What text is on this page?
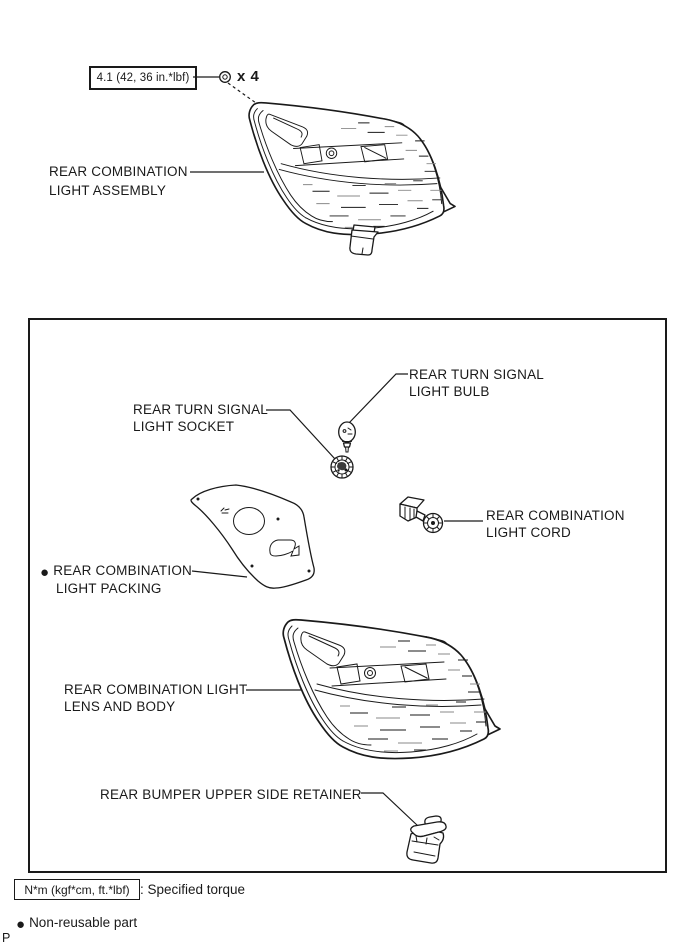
4.1 (42, 36 in.*lbf)	x 4
REAR COMBINATION
LIGHT ASSEMBLY
REAR TURN SIGNAL
LIGHT BULB
REAR TURN SIGNAL
LIGHT SOCKET
REAR COMBINATION
LIGHT CORD
● REAR COMBINATION
LIGHT PACKING
REAR COMBINATION LIGHT
LENS AND BODY
REAR BUMPER UPPER SIDE RETAINER
N*m (kgf*cm, ft.*lbf) : Specified torque
● Non-reusable part
P
